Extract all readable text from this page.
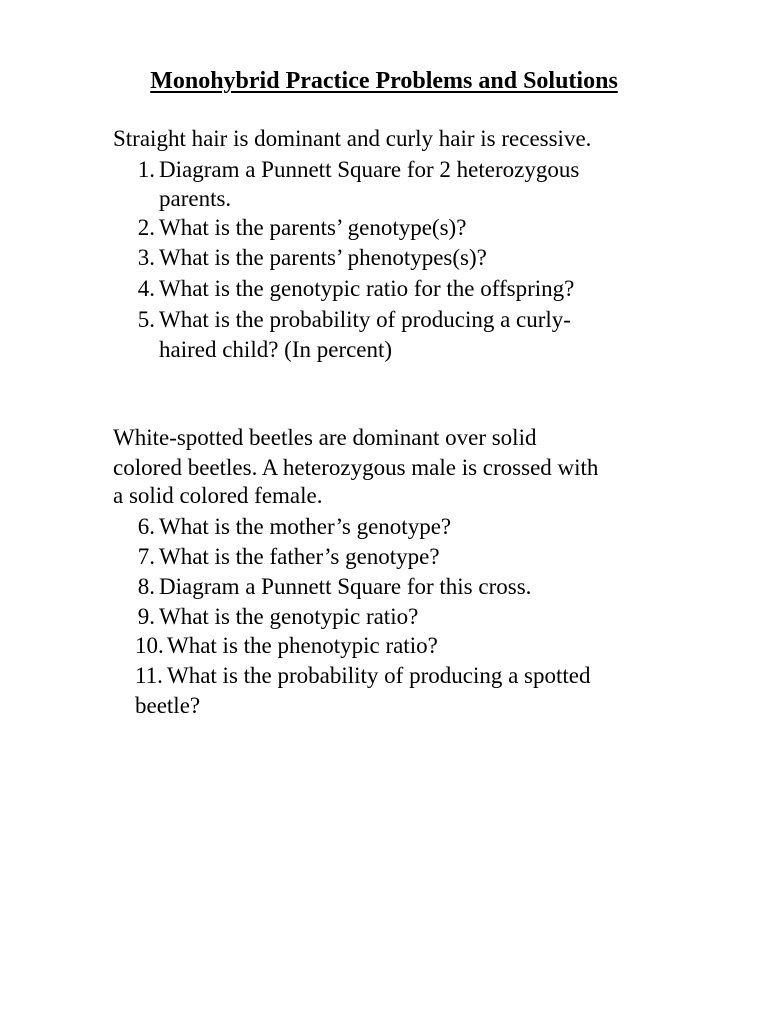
Monohybrid Practice Problems and Solutions
Straight hair is dominant and curly hair is recessive.
1. Diagram a Punnett Square for 2 heterozygous
parents.
2. What is the parents’ genotype(s)?
3. What is the parents’ phenotypes(s)?
4. What is the genotypic ratio for the offspring?
5. What is the probability of producing a curly-
haired child? (In percent)
White-spotted beetles are dominant over solid
colored beetles. A heterozygous male is crossed with
a solid colored female.
6. What is the mother’s genotype?
7. What is the father’s genotype?
8. Diagram a Punnett Square for this cross.
9. What is the genotypic ratio?
10. What is the phenotypic ratio?
11. What is the probability of producing a spotted
beetle?
